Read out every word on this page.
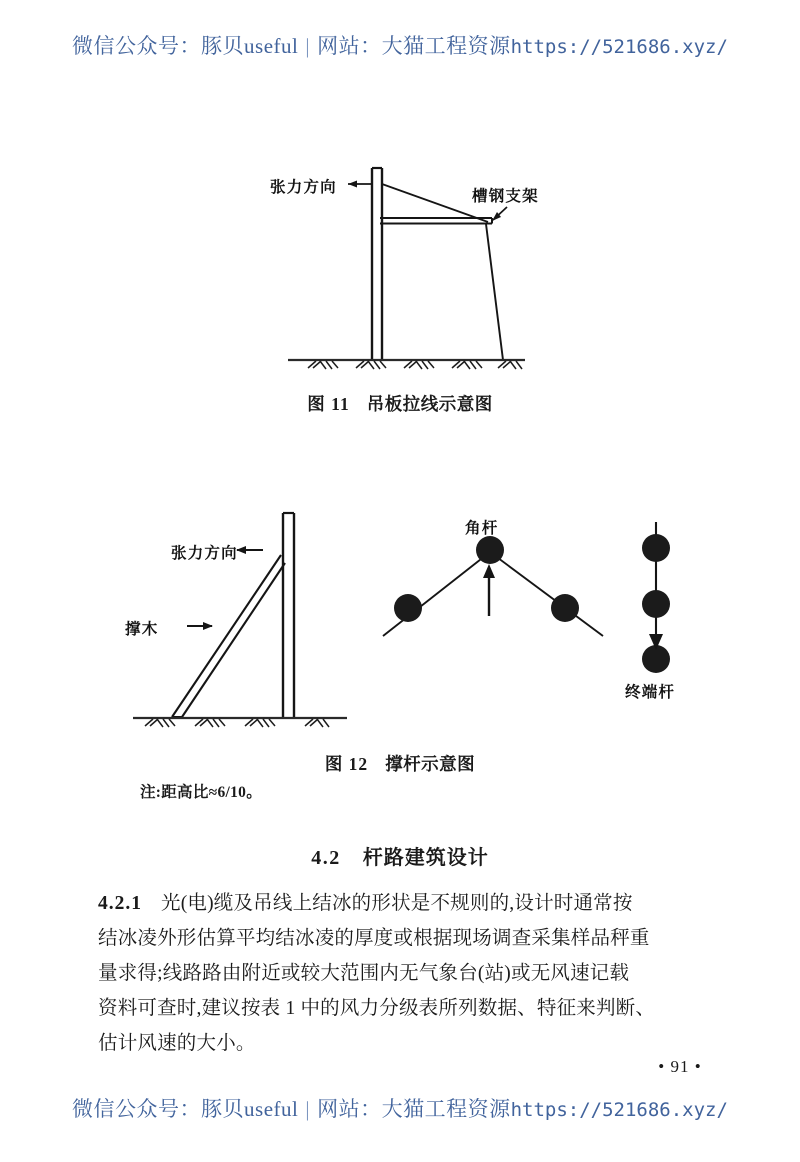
微信公众号：豚贝useful | 网站：大猫工程资源https://521686.xyz/
张力方向
槽钢支架
图 11 吊板拉线示意图
张力方向
撑木
角杆
终端杆
图 12 撑杆示意图
注:距高比≈6/10。
4.2 杆路建筑设计
4.2.1 光(电)缆及吊线上结冰的形状是不规则的,设计时通常按
结冰凌外形估算平均结冰凌的厚度或根据现场调查采集样品秤重
量求得;线路路由附近或较大范围内无气象台(站)或无风速记载
资料可查时,建议按表 1 中的风力分级表所列数据、特征来判断、
估计风速的大小。
• 91 •
微信公众号：豚贝useful | 网站：大猫工程资源https://521686.xyz/
